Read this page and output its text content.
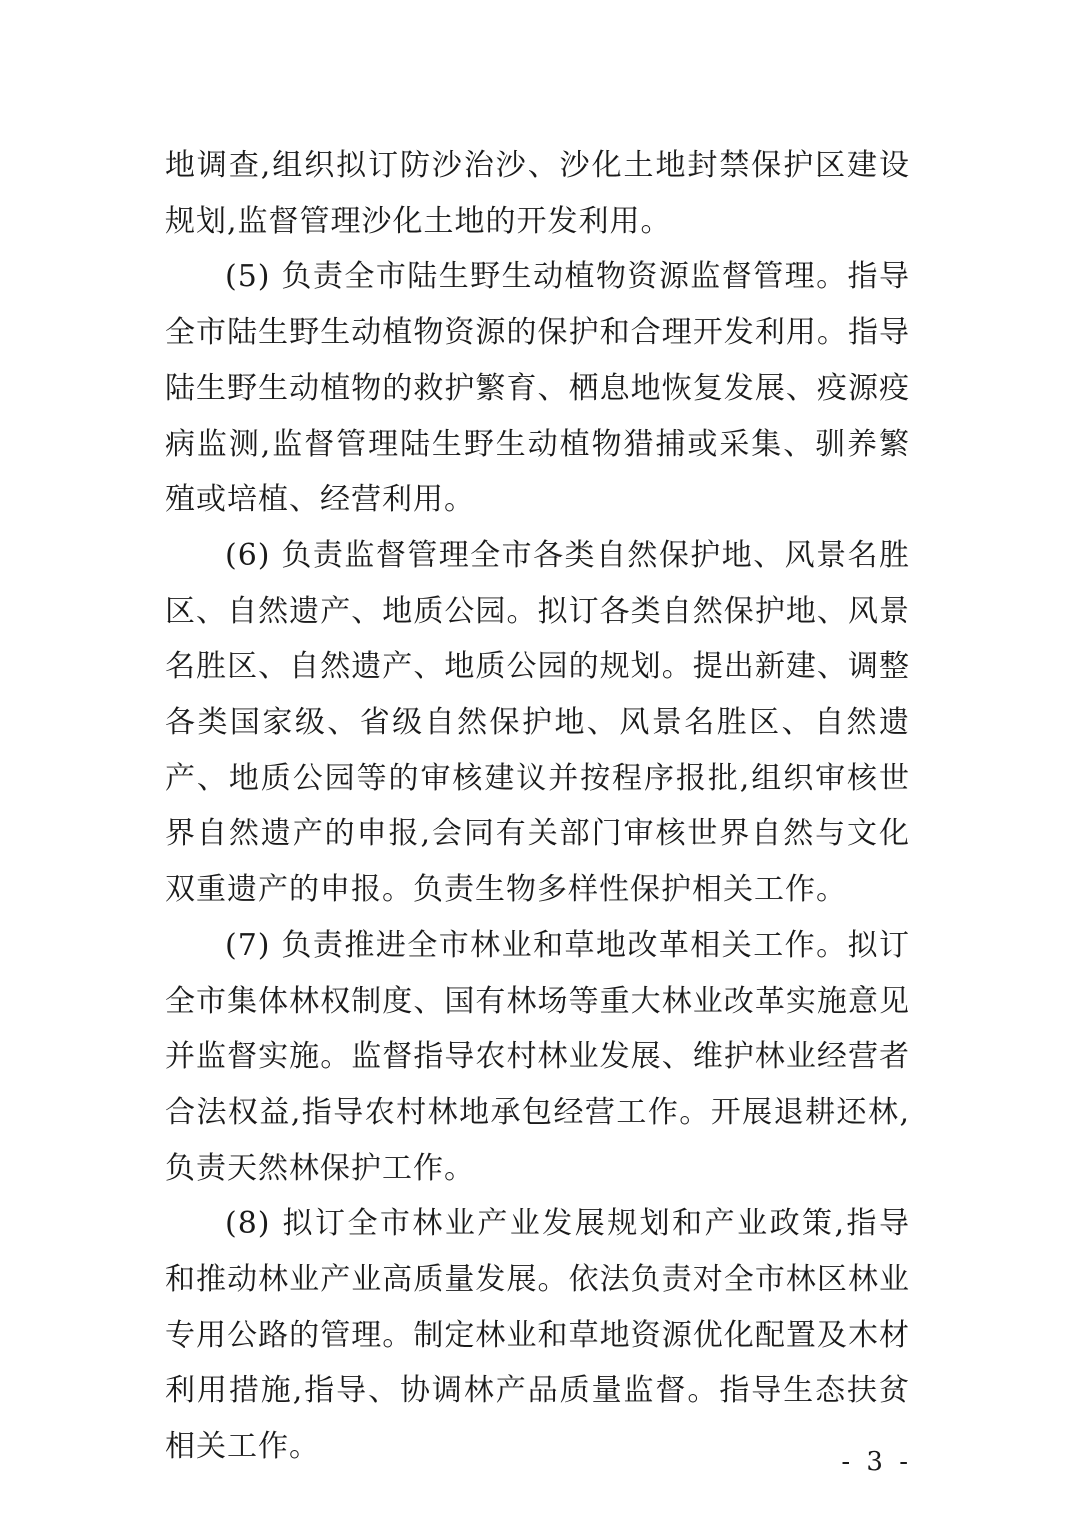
地调查,组织拟订防沙治沙、沙化土地封禁保护区建设规划,监督管理沙化土地的开发利用。

(5) 负责全市陆生野生动植物资源监督管理。指导全市陆生野生动植物资源的保护和合理开发利用。指导陆生野生动植物的救护繁育、栖息地恢复发展、疫源疫病监测,监督管理陆生野生动植物猎捕或采集、驯养繁殖或培植、经营利用。

(6) 负责监督管理全市各类自然保护地、风景名胜区、自然遗产、地质公园。拟订各类自然保护地、风景名胜区、自然遗产、地质公园的规划。提出新建、调整各类国家级、省级自然保护地、风景名胜区、自然遗产、地质公园等的审核建议并按程序报批,组织审核世界自然遗产的申报,会同有关部门审核世界自然与文化双重遗产的申报。负责生物多样性保护相关工作。

(7) 负责推进全市林业和草地改革相关工作。拟订全市集体林权制度、国有林场等重大林业改革实施意见并监督实施。监督指导农村林业发展、维护林业经营者合法权益,指导农村林地承包经营工作。开展退耕还林,负责天然林保护工作。

(8) 拟订全市林业产业发展规划和产业政策,指导和推动林业产业高质量发展。依法负责对全市林区林业专用公路的管理。制定林业和草地资源优化配置及木材利用措施,指导、协调林产品质量监督。指导生态扶贫相关工作。	- 3 -
